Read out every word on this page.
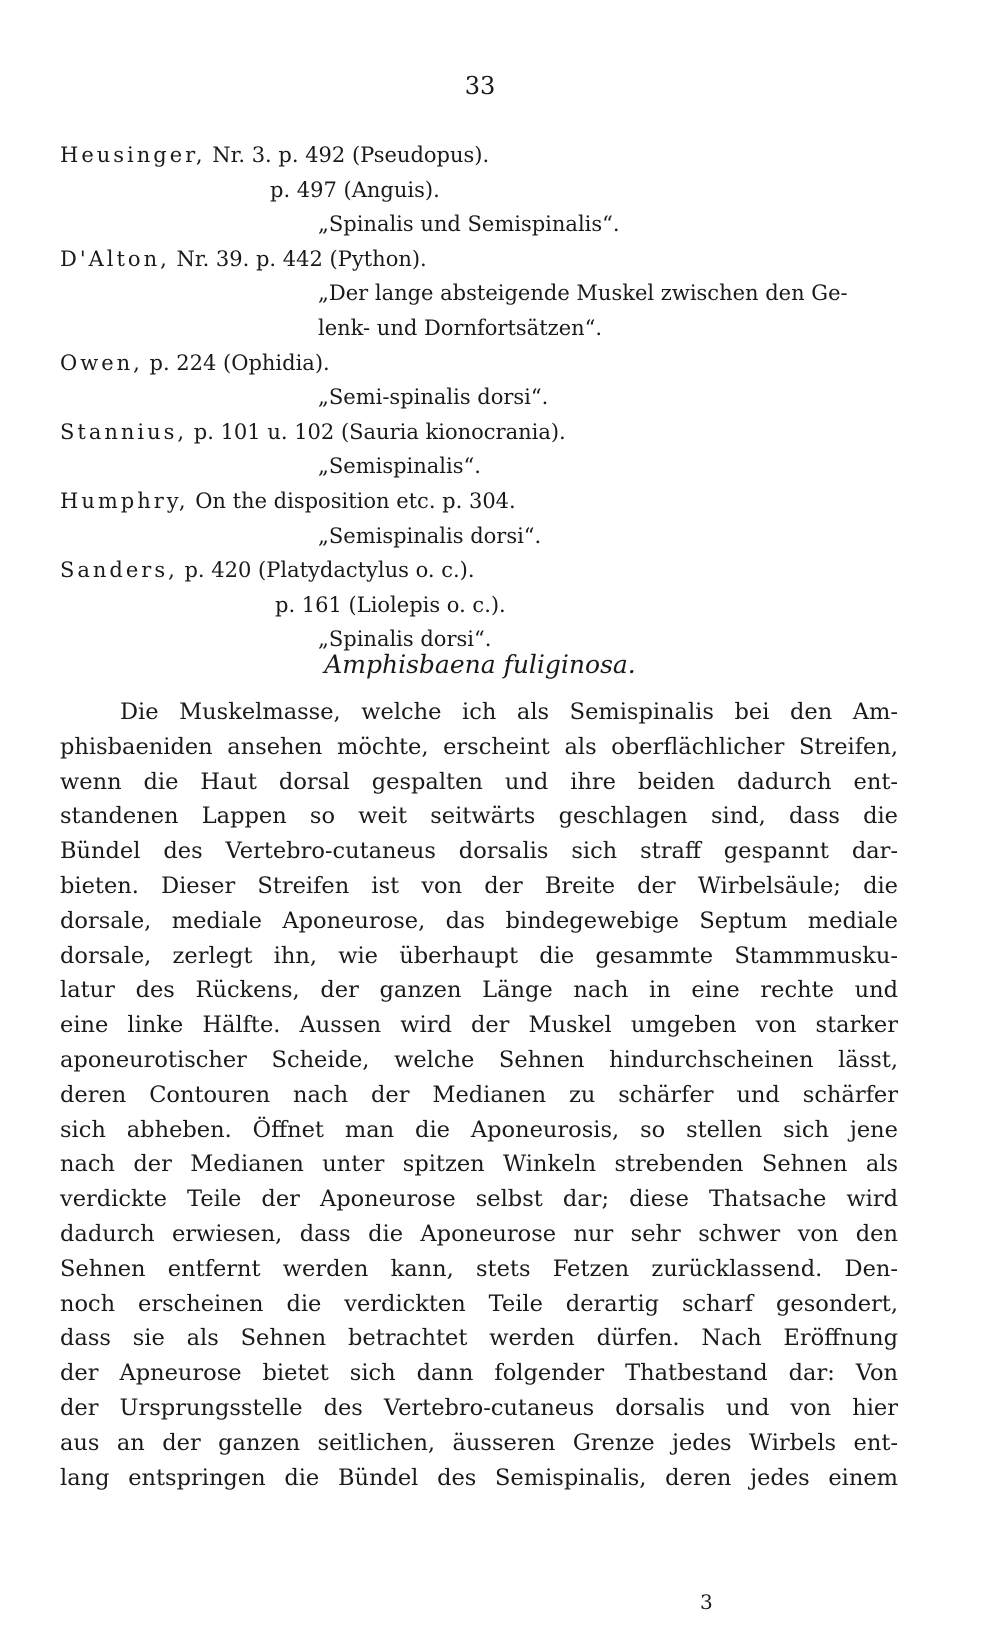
33
Heusinger, Nr. 3. p. 492 (Pseudopus).
p. 497 (Anguis).
„Spinalis und Semispinalis“.
D'Alton, Nr. 39. p. 442 (Python).
„Der lange absteigende Muskel zwischen den Ge-
lenk- und Dornfortsätzen“.
Owen, p. 224 (Ophidia).
„Semi-spinalis dorsi“.
Stannius, p. 101 u. 102 (Sauria kionocrania).
„Semispinalis“.
Humphry, On the disposition etc. p. 304.
„Semispinalis dorsi“.
Sanders, p. 420 (Platydactylus o. c.).
p. 161 (Liolepis o. c.).
„Spinalis dorsi“.
Amphisbaena fuliginosa.
Die Muskelmasse, welche ich als Semispinalis bei den Am-
phisbaeniden ansehen möchte, erscheint als oberflächlicher Streifen,
wenn die Haut dorsal gespalten und ihre beiden dadurch ent-
standenen Lappen so weit seitwärts geschlagen sind, dass die
Bündel des Vertebro-cutaneus dorsalis sich straff gespannt dar-
bieten. Dieser Streifen ist von der Breite der Wirbelsäule; die
dorsale, mediale Aponeurose, das bindegewebige Septum mediale
dorsale, zerlegt ihn, wie überhaupt die gesammte Stammmusku-
latur des Rückens, der ganzen Länge nach in eine rechte und
eine linke Hälfte. Aussen wird der Muskel umgeben von starker
aponeurotischer Scheide, welche Sehnen hindurchscheinen lässt,
deren Contouren nach der Medianen zu schärfer und schärfer
sich abheben. Öffnet man die Aponeurosis, so stellen sich jene
nach der Medianen unter spitzen Winkeln strebenden Sehnen als
verdickte Teile der Aponeurose selbst dar; diese Thatsache wird
dadurch erwiesen, dass die Aponeurose nur sehr schwer von den
Sehnen entfernt werden kann, stets Fetzen zurücklassend. Den-
noch erscheinen die verdickten Teile derartig scharf gesondert,
dass sie als Sehnen betrachtet werden dürfen. Nach Eröffnung
der Apneurose bietet sich dann folgender Thatbestand dar: Von
der Ursprungsstelle des Vertebro-cutaneus dorsalis und von hier
aus an der ganzen seitlichen, äusseren Grenze jedes Wirbels ent-
lang entspringen die Bündel des Semispinalis, deren jedes einem
3
